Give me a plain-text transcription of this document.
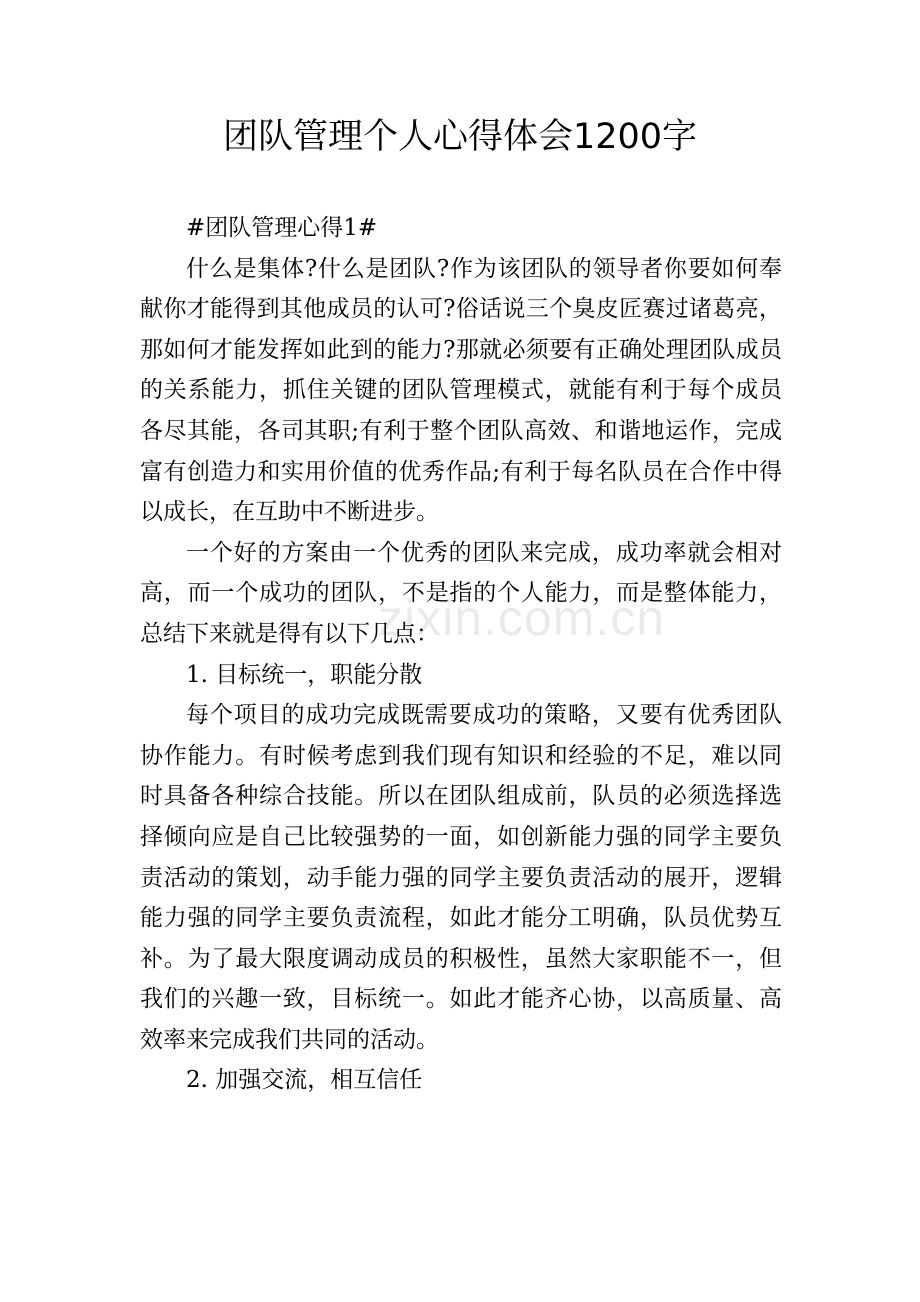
团队管理个人心得体会1200字

#团队管理心得1#

什么是集体?什么是团队?作为该团队的领导者你要如何奉献你才能得到其他成员的认可?俗话说三个臭皮匠赛过诸葛亮，那如何才能发挥如此到的能力?那就必须要有正确处理团队成员的关系能力，抓住关键的团队管理模式，就能有利于每个成员各尽其能，各司其职;有利于整个团队高效、和谐地运作，完成富有创造力和实用价值的优秀作品;有利于每名队员在合作中得以成长，在互助中不断进步。

一个好的方案由一个优秀的团队来完成，成功率就会相对高，而一个成功的团队，不是指的个人能力，而是整体能力，总结下来就是得有以下几点：

1. 目标统一，职能分散

每个项目的成功完成既需要成功的策略，又要有优秀团队协作能力。有时候考虑到我们现有知识和经验的不足，难以同时具备各种综合技能。所以在团队组成前，队员的必须选择选择倾向应是自己比较强势的一面，如创新能力强的同学主要负责活动的策划，动手能力强的同学主要负责活动的展开，逻辑能力强的同学主要负责流程，如此才能分工明确，队员优势互补。为了最大限度调动成员的积极性，虽然大家职能不一，但我们的兴趣一致，目标统一。如此才能齐心协，以高质量、高效率来完成我们共同的活动。

2. 加强交流，相互信任

zixin.com.cn
